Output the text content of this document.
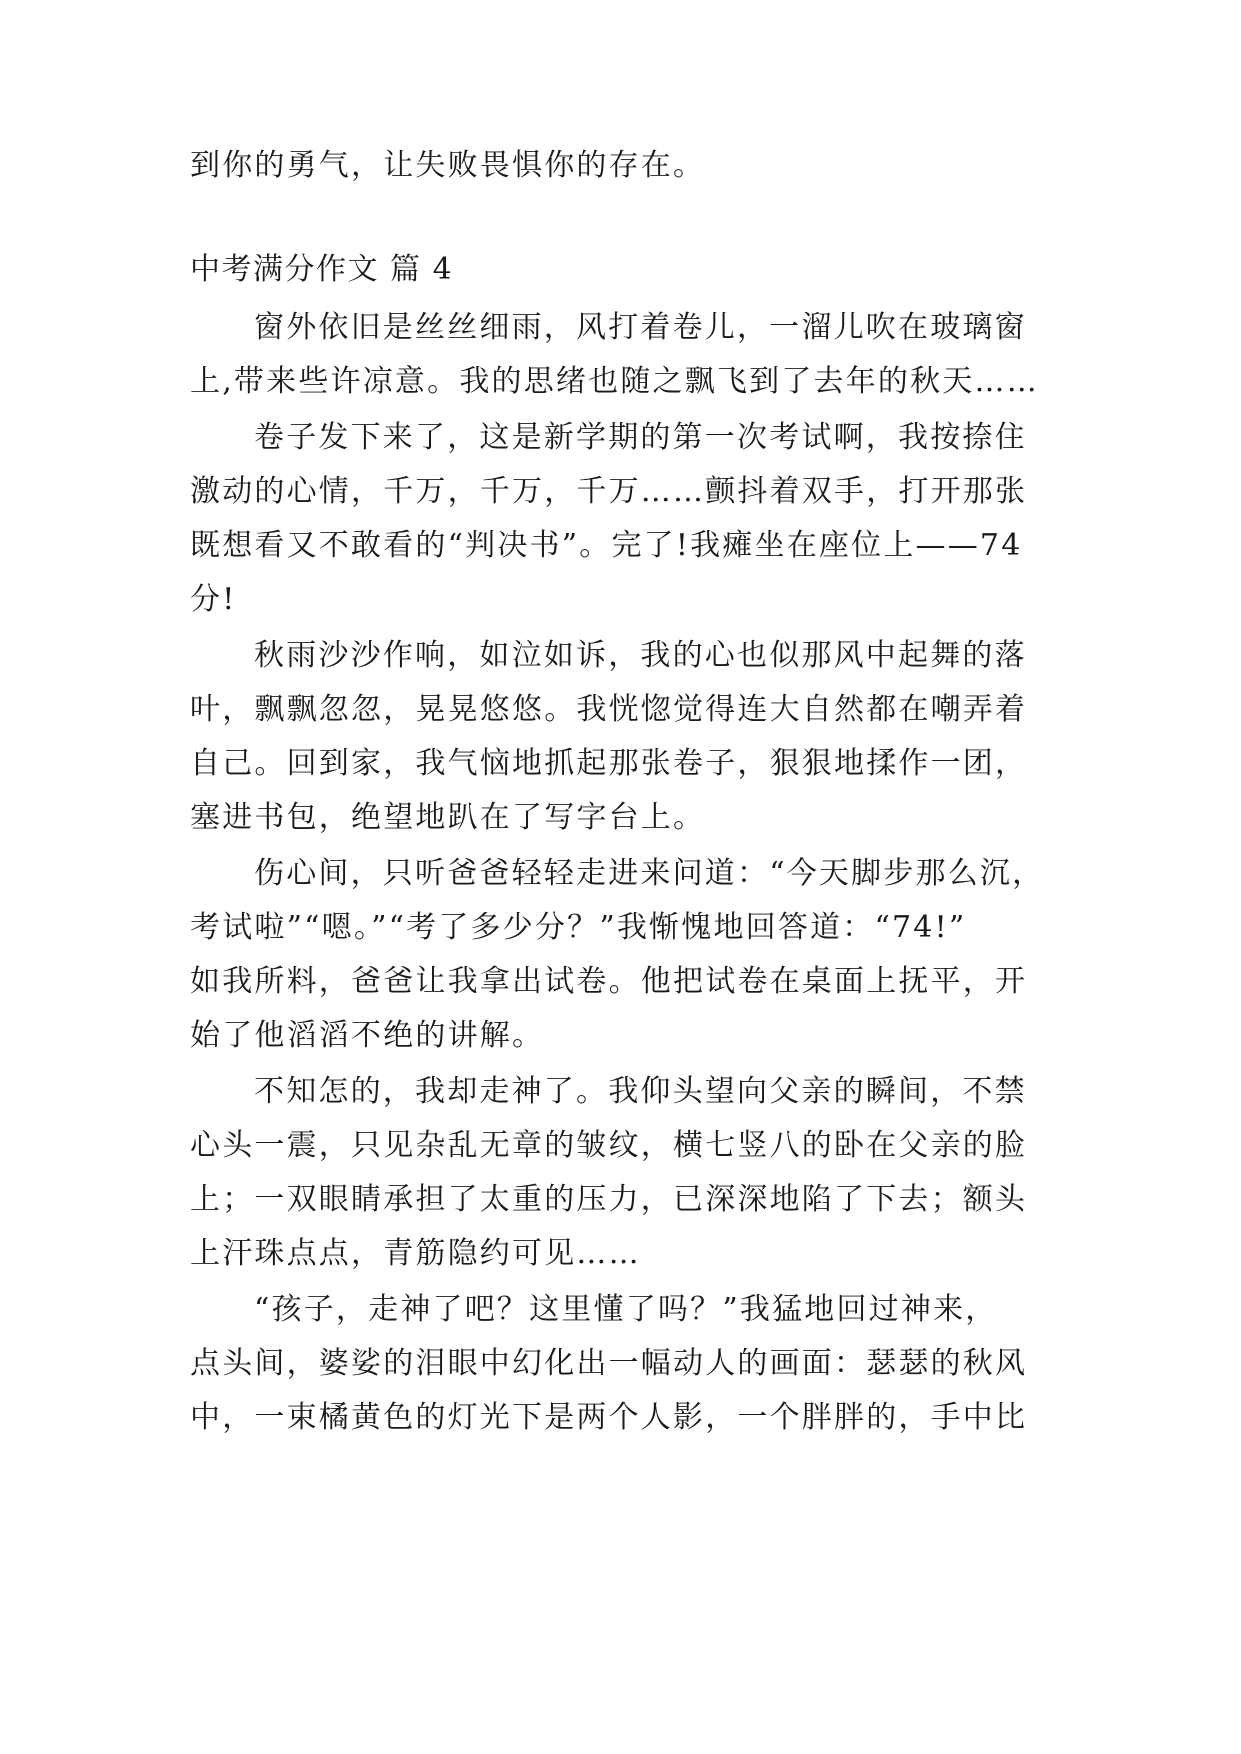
到你的勇气，让失败畏惧你的存在。
中考满分作文 篇 4
窗外依旧是丝丝细雨，风打着卷儿，一溜儿吹在玻璃窗
上,带来些许凉意。我的思绪也随之飘飞到了去年的秋天……
卷子发下来了，这是新学期的第一次考试啊，我按捺住
激动的心情，千万，千万，千万……颤抖着双手，打开那张
既想看又不敢看的“判决书”。完了!我瘫坐在座位上——74
分!
秋雨沙沙作响，如泣如诉，我的心也似那风中起舞的落
叶，飘飘忽忽，晃晃悠悠。我恍惚觉得连大自然都在嘲弄着
自己。回到家，我气恼地抓起那张卷子，狠狠地揉作一团，
塞进书包，绝望地趴在了写字台上。
伤心间，只听爸爸轻轻走进来问道：“今天脚步那么沉，
考试啦”“嗯。”“考了多少分？”我惭愧地回答道：“74!”
如我所料，爸爸让我拿出试卷。他把试卷在桌面上抚平，开
始了他滔滔不绝的讲解。
不知怎的，我却走神了。我仰头望向父亲的瞬间，不禁
心头一震，只见杂乱无章的皱纹，横七竖八的卧在父亲的脸
上；一双眼睛承担了太重的压力，已深深地陷了下去；额头
上汗珠点点，青筋隐约可见……
“孩子，走神了吧？这里懂了吗？”我猛地回过神来，
点头间，婆娑的泪眼中幻化出一幅动人的画面：瑟瑟的秋风
中，一束橘黄色的灯光下是两个人影，一个胖胖的，手中比
